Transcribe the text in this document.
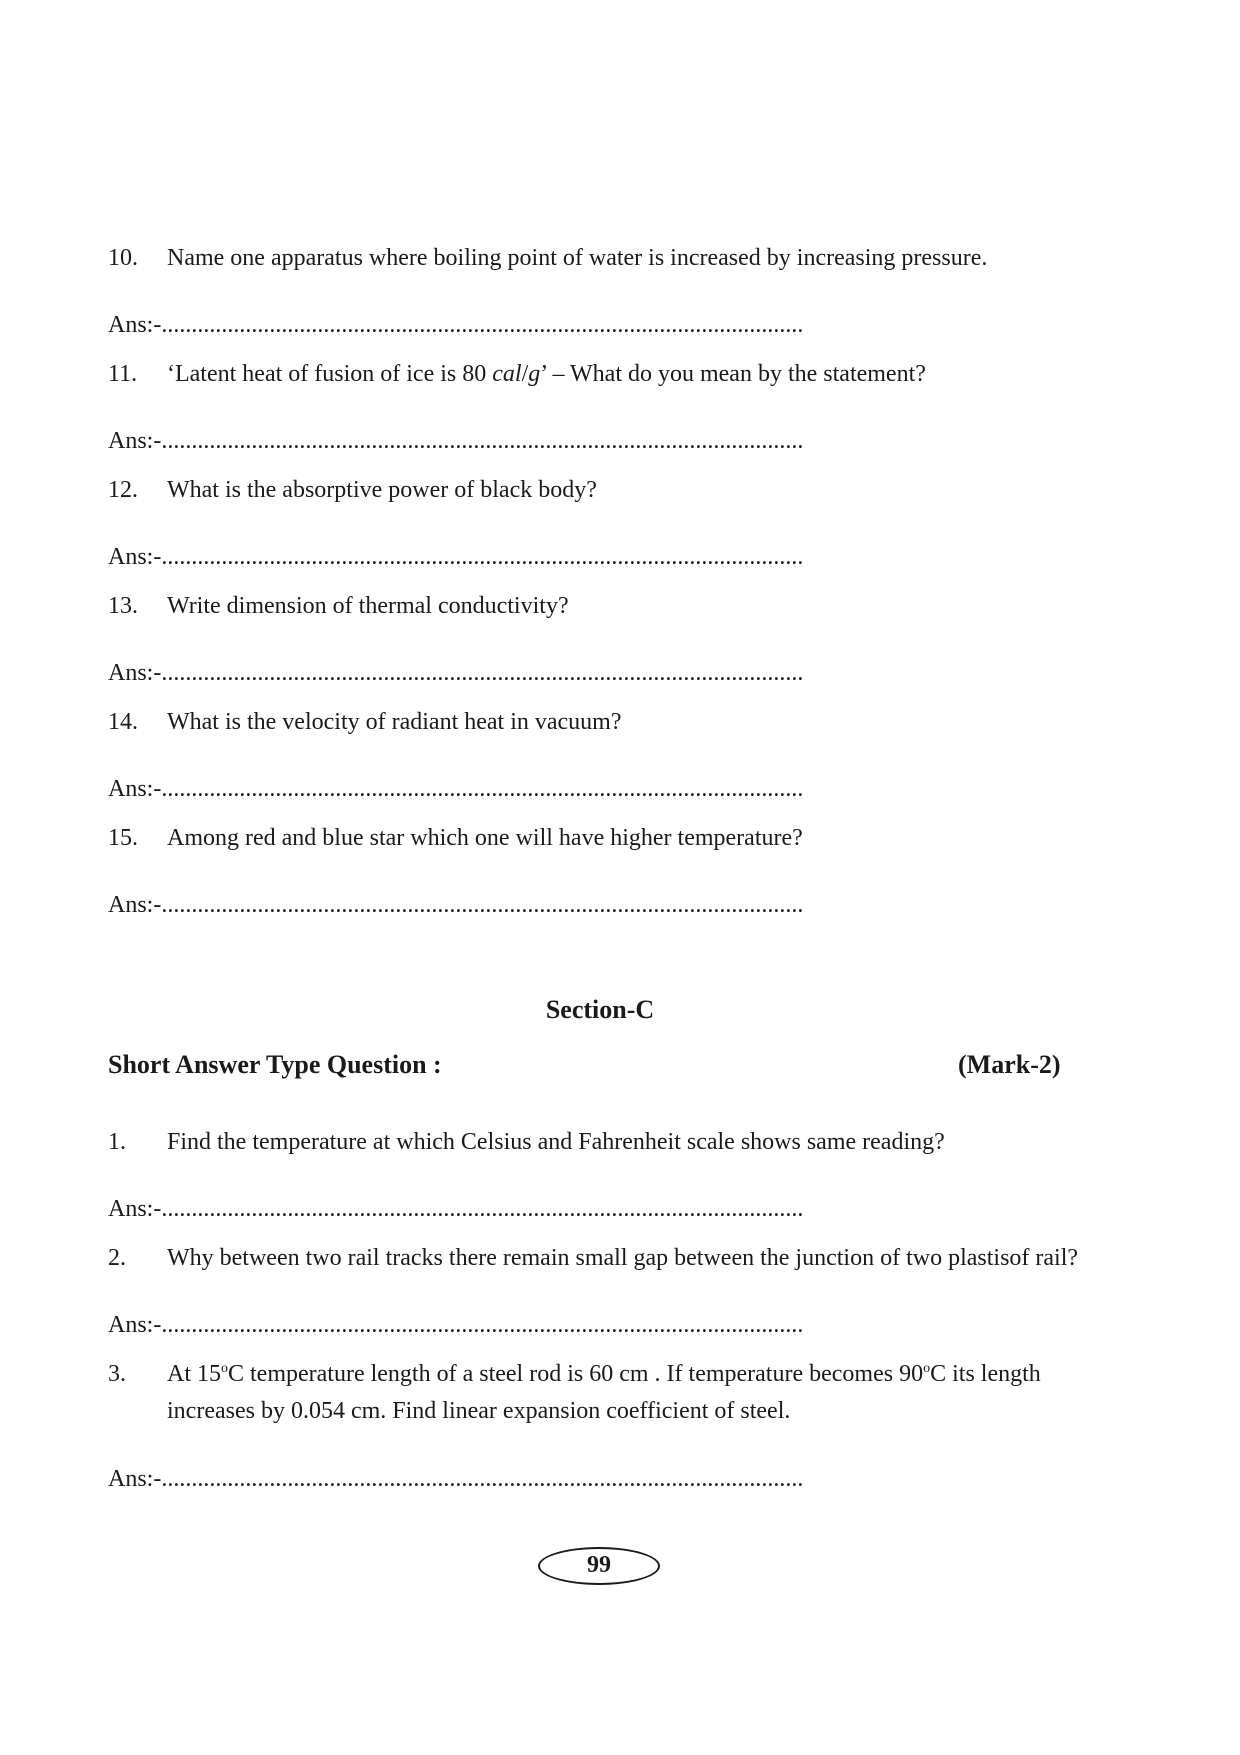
10. Name one apparatus where boiling point of water is increased by increasing pressure.
Ans:-...........................................................................................................
11. ‘Latent heat of fusion of ice is 80 cal/g’ – What do you mean by the statement?
Ans:-...........................................................................................................
12. What is the absorptive power of black body?
Ans:-...........................................................................................................
13. Write dimension of thermal conductivity?
Ans:-...........................................................................................................
14. What is the velocity of radiant heat in vacuum?
Ans:-...........................................................................................................
15. Among red and blue star which one will have higher temperature?
Ans:-...........................................................................................................
Section-C
Short Answer Type Question :	(Mark-2)
1. Find the temperature at which Celsius and Fahrenheit scale shows same reading?
Ans:-...........................................................................................................
2. Why between two rail tracks there remain small gap between the junction of two plastisof rail?
Ans:-...........................................................................................................
3. At 15$^o$C temperature length of a steel rod is 60 cm . If temperature becomes 90$^o$C its length increases by 0.054 cm. Find linear expansion coefficient of steel.
Ans:-...........................................................................................................
99
